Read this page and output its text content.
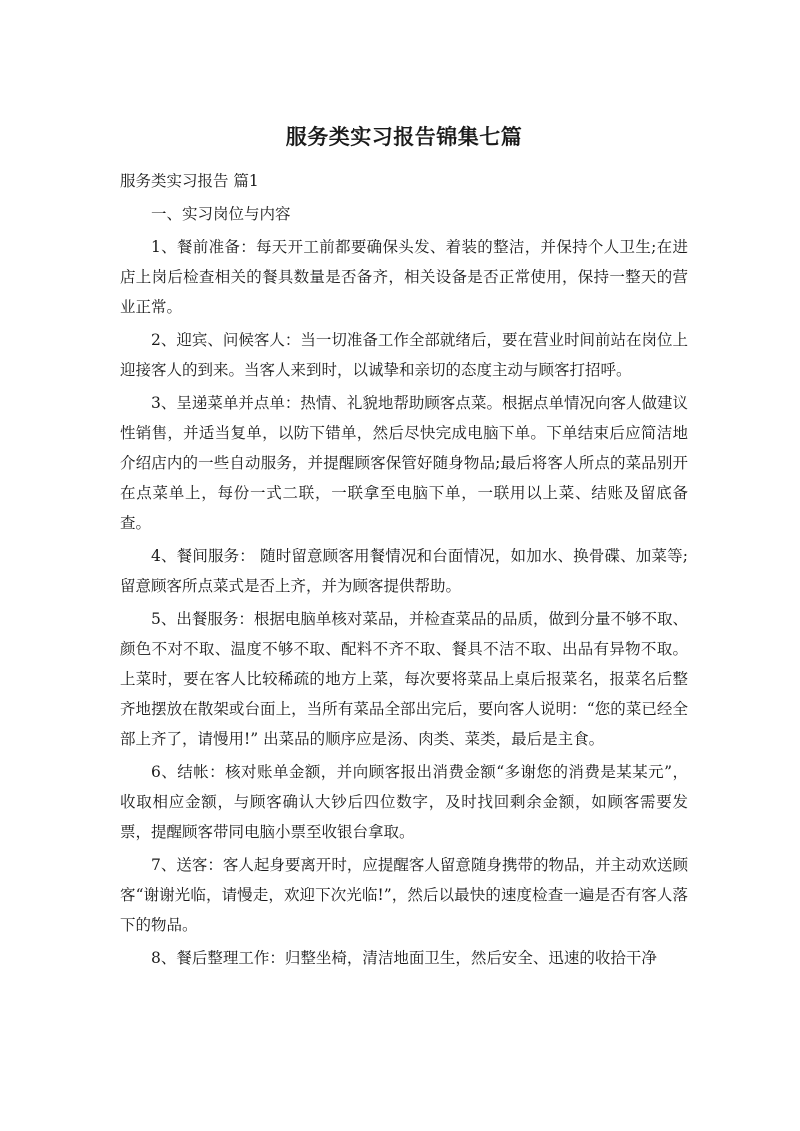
服务类实习报告锦集七篇

服务类实习报告 篇1

一、实习岗位与内容

1、餐前准备：每天开工前都要确保头发、着装的整洁，并保持个人卫生;在进店上岗后检查相关的餐具数量是否备齐，相关设备是否正常使用，保持一整天的营业正常。

2、迎宾、问候客人：当一切准备工作全部就绪后，要在营业时间前站在岗位上迎接客人的到来。当客人来到时，以诚挚和亲切的态度主动与顾客打招呼。

3、呈递菜单并点单：热情、礼貌地帮助顾客点菜。根据点单情况向客人做建议性销售，并适当复单，以防下错单，然后尽快完成电脑下单。下单结束后应简洁地介绍店内的一些自动服务，并提醒顾客保管好随身物品;最后将客人所点的菜品别开在点菜单上，每份一式二联，一联拿至电脑下单，一联用以上菜、结账及留底备查。

4、餐间服务： 随时留意顾客用餐情况和台面情况，如加水、换骨碟、加菜等;留意顾客所点菜式是否上齐，并为顾客提供帮助。

5、出餐服务：根据电脑单核对菜品，并检查菜品的品质，做到分量不够不取、颜色不对不取、温度不够不取、配料不齐不取、餐具不洁不取、出品有异物不取。上菜时，要在客人比较稀疏的地方上菜，每次要将菜品上桌后报菜名，报菜名后整齐地摆放在散架或台面上，当所有菜品全部出完后，要向客人说明：“您的菜已经全部上齐了，请慢用!” 出菜品的顺序应是汤、肉类、菜类，最后是主食。

6、结帐：核对账单金额，并向顾客报出消费金额“多谢您的消费是某某元”，收取相应金额，与顾客确认大钞后四位数字，及时找回剩余金额，如顾客需要发票，提醒顾客带同电脑小票至收银台拿取。

7、送客：客人起身要离开时，应提醒客人留意随身携带的物品，并主动欢送顾客“谢谢光临，请慢走，欢迎下次光临!”，然后以最快的速度检查一遍是否有客人落下的物品。

8、餐后整理工作：归整坐椅，清洁地面卫生，然后安全、迅速的收拾干净
